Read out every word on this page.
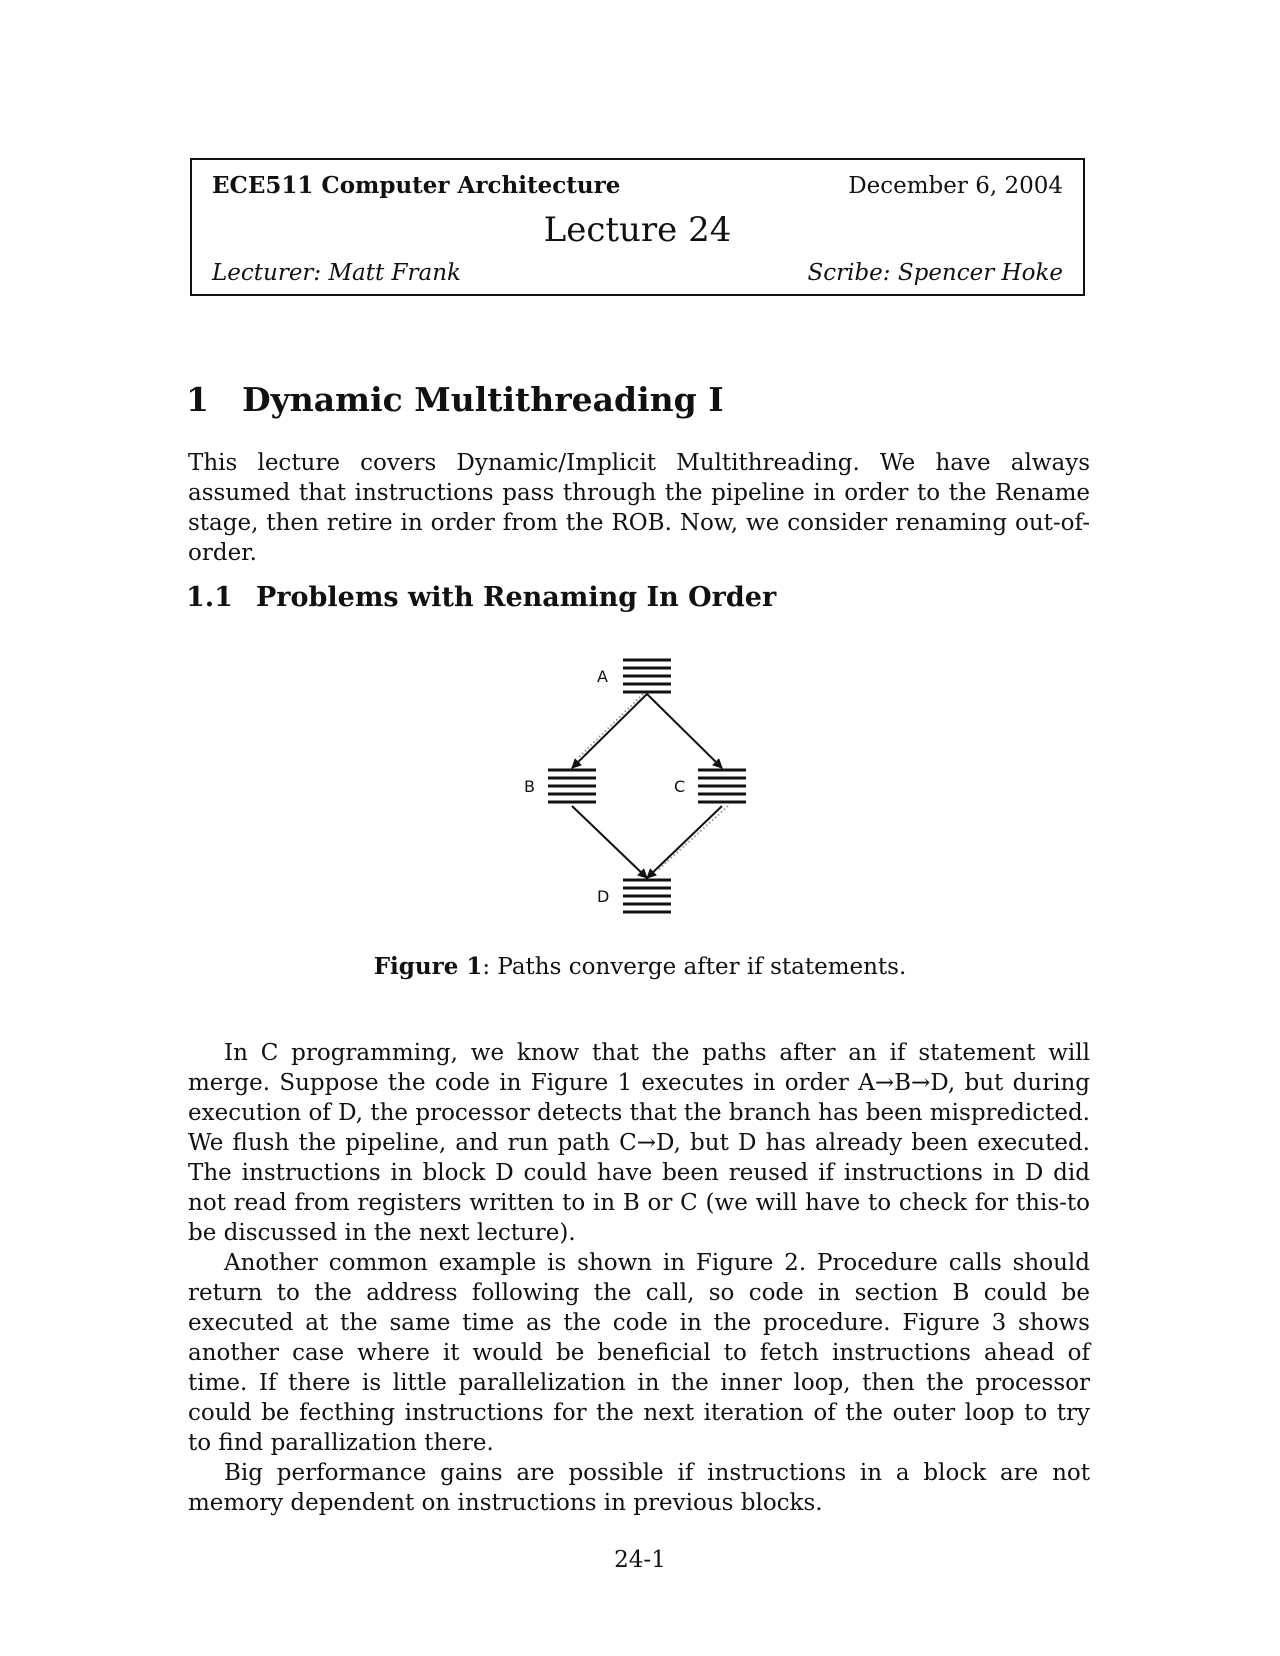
ECE511 Computer Architecture	December 6, 2004
Lecture 24
Lecturer: Matt Frank	Scribe: Spencer Hoke
1 Dynamic Multithreading I
This lecture covers Dynamic/Implicit Multithreading. We have always assumed that instructions pass through the pipeline in order to the Rename stage, then retire in order from the ROB. Now, we consider renaming out-of-order.
1.1 Problems with Renaming In Order
A
B	C
D
Figure 1: Paths converge after if statements.

In C programming, we know that the paths after an if statement will merge. Suppose the code in Figure 1 executes in order A→B→D, but during execution of D, the processor detects that the branch has been mispredicted. We flush the pipeline, and run path C→D, but D has already been executed. The instructions in block D could have been reused if instructions in D did not read from registers written to in B or C (we will have to check for this-to be discussed in the next lecture).

Another common example is shown in Figure 2. Procedure calls should return to the address following the call, so code in section B could be executed at the same time as the code in the procedure. Figure 3 shows another case where it would be beneficial to fetch instructions ahead of time. If there is little parallelization in the inner loop, then the processor could be fecthing instructions for the next iteration of the outer loop to try to find parallization there.

Big performance gains are possible if instructions in a block are not memory dependent on instructions in previous blocks.

24-1
